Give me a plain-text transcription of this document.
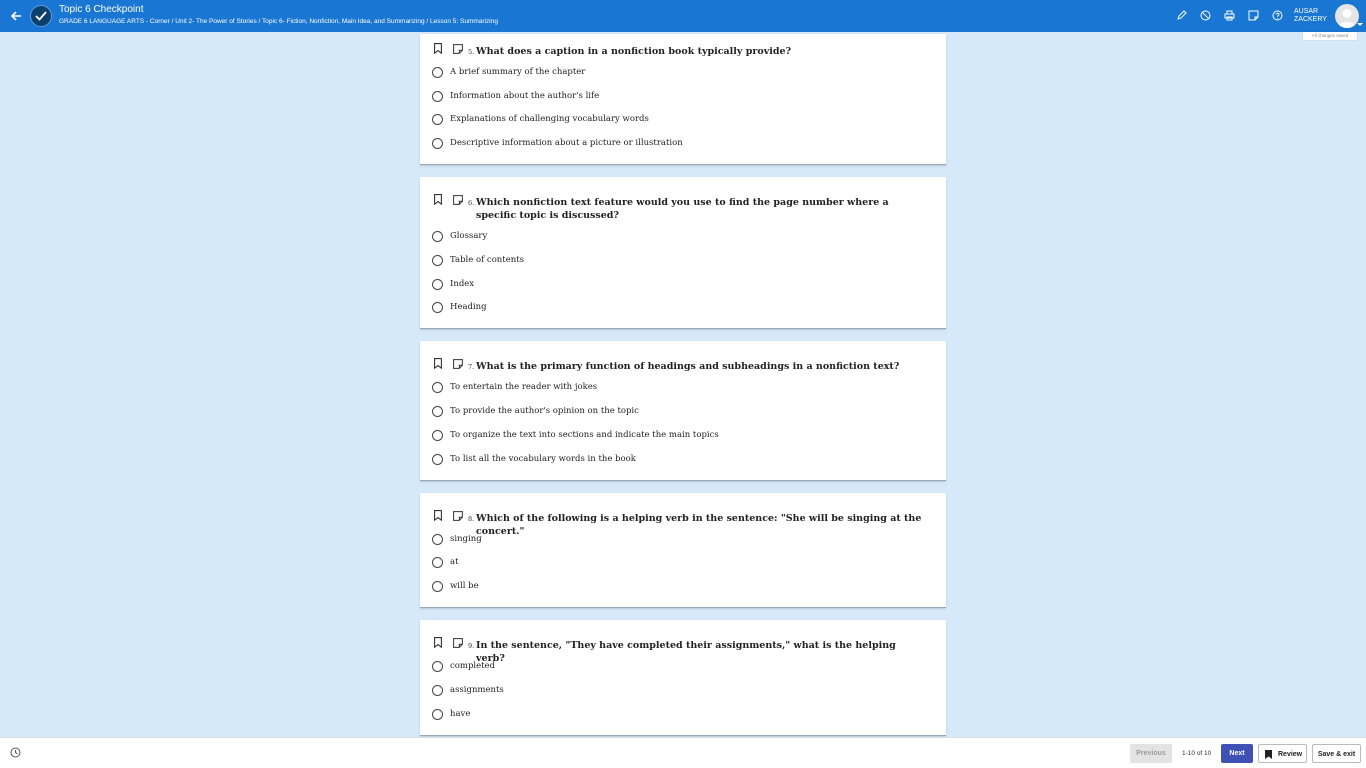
Topic 6 Checkpoint
GRADE 6 LANGUAGE ARTS - Corner / Unit 2- The Power of Stories / Topic 6- Fiction, Nonfiction, Main Idea, and Summarizing / Lesson 5: Summarizing
AUSAR
ZACKERY
All changes saved
5. What does a caption in a nonfiction book typically provide?
A brief summary of the chapter
Information about the author's life
Explanations of challenging vocabulary words
Descriptive information about a picture or illustration
6. Which nonfiction text feature would you use to find the page number where a specific topic is discussed?
Glossary
Table of contents
Index
Heading
7. What is the primary function of headings and subheadings in a nonfiction text?
To entertain the reader with jokes
To provide the author's opinion on the topic
To organize the text into sections and indicate the main topics
To list all the vocabulary words in the book
8. Which of the following is a helping verb in the sentence: "She will be singing at the concert."
singing
at
will be
9. In the sentence, "They have completed their assignments," what is the helping verb?
completed
assignments
have
Previous	1-10 of 10	Next	Review	Save & exit
